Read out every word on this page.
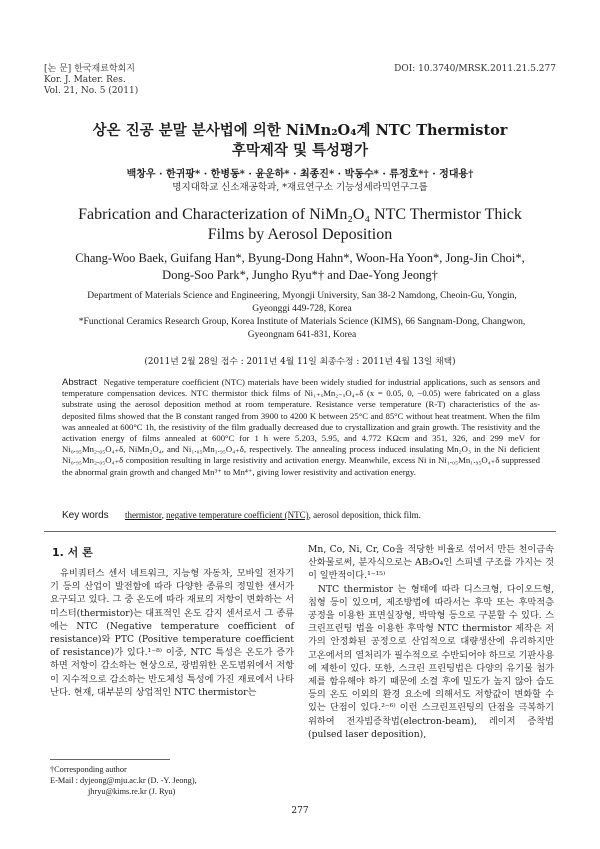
[논 문] 한국재료학회지
Kor. J. Mater. Res.
Vol. 21, No. 5 (2011)
DOI: 10.3740/MRSK.2011.21.5.277
상온 진공 분말 분사법에 의한 NiMn₂O₄계 NTC Thermistor
후막제작 및 특성평가
백창우 · 한귀팡* · 한병동* · 윤운하* · 최종진* · 박동수* · 류정호*† · 정대용†
명지대학교 신소재공학과, *재료연구소 기능성세라믹연구그룹
Fabrication and Characterization of NiMn₂O₄ NTC Thermistor Thick
Films by Aerosol Deposition
Chang-Woo Baek, Guifang Han*, Byung-Dong Hahn*, Woon-Ha Yoon*, Jong-Jin Choi*,
Dong-Soo Park*, Jungho Ryu*† and Dae-Yong Jeong†
Department of Materials Science and Engineering, Myongji University, San 38-2 Namdong, Cheoin-Gu, Yongin, Gyeonggi 449-728, Korea
*Functional Ceramics Research Group, Korea Institute of Materials Science (KIMS), 66 Sangnam-Dong, Changwon, Gyeongnam 641-831, Korea
(2011년 2월 28일 접수 : 2011년 4월 11일 최종수정 : 2011년 4월 13일 채택)
Abstract Negative temperature coefficient (NTC) materials have been widely studied for industrial applications, such as sensors and temperature compensation devices. NTC thermistor thick films of Ni₁₊ₓMn₂₋ₓO₄₊δ (x = 0.05, 0, −0.05) were fabricated on a glass substrate using the aerosol deposition method at room temperature. Resistance verse temperature (R-T) characteristics of the as-deposited films showed that the B constant ranged from 3900 to 4200 K between 25°C and 85°C without heat treatment. When the film was annealed at 600°C 1h, the resistivity of the film gradually decreased due to crystallization and grain growth. The resistivity and the activation energy of films annealed at 600°C for 1 h were 5.203, 5.95, and 4.772 KΩcm and 351, 326, and 299 meV for Ni₀.₉₅Mn₂.₀₅O₄₊δ, NiMn₂O₄, and Ni₁.₀₅Mn₁.₉₅O₄₊δ, respectively. The annealing process induced insulating Mn₂O₃ in the Ni deficient Ni₀.₉₅Mn₂.₀₅O₄₊δ composition resulting in large resistivity and activation energy. Meanwhile, excess Ni in Ni₁.₀₅Mn₁.₉₅O₄₊δ suppressed the abnormal grain growth and changed Mn³⁺ to Mn⁴⁺, giving lower resistivity and activation energy.
Key words thermistor, negative temperature coefficient (NTC), aerosol deposition, thick film.
1. 서 론

유비쿼터스 센서 네트워크, 지능형 자동차, 모바일 전자기기 등의 산업이 발전함에 따라 다양한 종류의 정밀한 센서가 요구되고 있다. 그 중 온도에 따라 재료의 저항이 변화하는 서미스터(thermistor)는 대표적인 온도 감지 센서로서 그 종류에는 NTC (Negative temperature coefficient of resistance)와 PTC (Positive temperature coefficient of resistance)가 있다.¹⁻⁸⁾ 이중, NTC 특성은 온도가 증가하면 저항이 감소하는 현상으로, 광범위한 온도범위에서 저항이 지수적으로 감소하는 반도체성 특성에 가진 재료에서 나타난다. 현재, 대부분의 상업적인 NTC thermistor는

Mn, Co, Ni, Cr, Co을 적당한 비율로 섞어서 만든 천이금속 산화물로써, 분자식으로는 AB₂O₄인 스피넬 구조를 가지는 것이 일반적이다.¹⁻¹⁵⁾

NTC thermistor 는 형태에 따라 디스크형, 다이오드형, 칩형 등이 있으며, 제조방법에 따라서는 후막 또는 후막적층 공정을 이용한 표면실장형, 박막형 등으로 구분할 수 있다. 스크린프린팅 법을 이용한 후막형 NTC thermistor 제작은 저가의 안정화된 공정으로 산업적으로 대량생산에 유리하지만 고온에서의 열처리가 필수적으로 수반되어야 하므로 기판사용에 제한이 있다. 또한, 스크린 프린팅법은 다양의 유기물 첨가제를 함유해야 하기 때문에 소결 후에 밀도가 높지 않아 습도 등의 온도 이외의 환경 요소에 의해서도 저항값이 변화할 수 있는 단점이 있다.²⁻⁶⁾ 이런 스크린프린팅의 단점을 극복하기 위하여 전자빔증착법(electron-beam), 레이저 증착법(pulsed laser deposition),

†Corresponding author
E-Mail : dyjeong@mju.ac.kr (D. -Y. Jeong),
jhryu@kims.re.kr (J. Ryu)
277
